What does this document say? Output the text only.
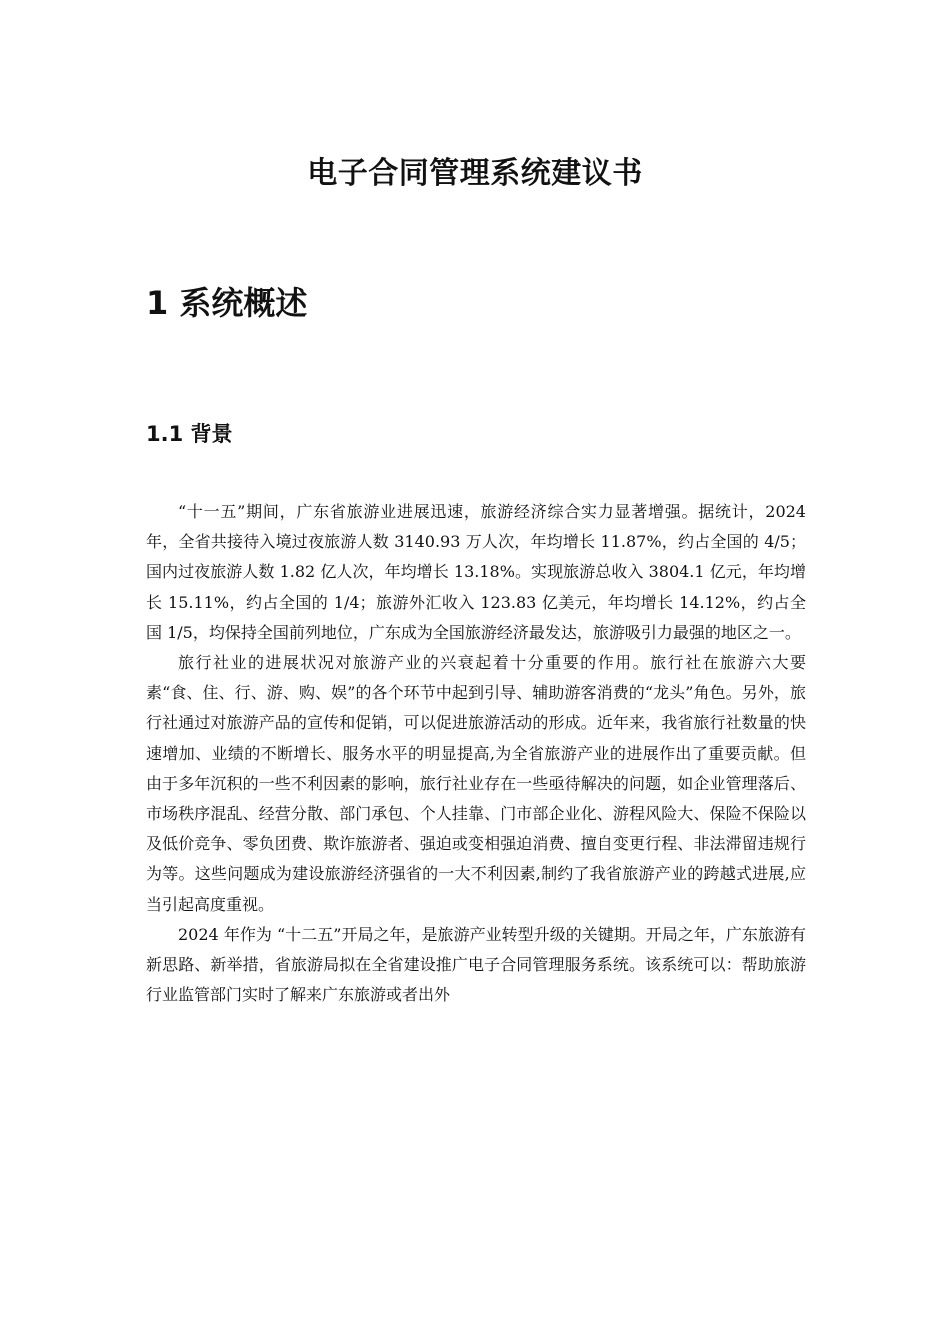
电子合同管理系统建议书
1 系统概述
1.1 背景

“十一五”期间，广东省旅游业进展迅速，旅游经济综合实力显著增强。据统计，2024 年，全省共接待入境过夜旅游人数 3140.93 万人次，年均增长 11.87%，约占全国的 4/5；国内过夜旅游人数 1.82 亿人次，年均增长 13.18%。实现旅游总收入 3804.1 亿元，年均增长 15.11%，约占全国的 1/4；旅游外汇收入 123.83 亿美元，年均增长 14.12%，约占全国 1/5，均保持全国前列地位，广东成为全国旅游经济最发达，旅游吸引力最强的地区之一。

旅行社业的进展状况对旅游产业的兴衰起着十分重要的作用。旅行社在旅游六大要素“食、住、行、游、购、娱”的各个环节中起到引导、辅助游客消费的“龙头”角色。另外，旅行社通过对旅游产品的宣传和促销，可以促进旅游活动的形成。近年来，我省旅行社数量的快速增加、业绩的不断增长、服务水平的明显提高,为全省旅游产业的进展作出了重要贡献。但由于多年沉积的一些不利因素的影响，旅行社业存在一些亟待解决的问题，如企业管理落后、市场秩序混乱、经营分散、部门承包、个人挂靠、门市部企业化、游程风险大、保险不保险以及低价竞争、零负团费、欺诈旅游者、强迫或变相强迫消费、擅自变更行程、非法滞留违规行为等。这些问题成为建设旅游经济强省的一大不利因素,制约了我省旅游产业的跨越式进展,应当引起高度重视。

2024 年作为 “十二五”开局之年，是旅游产业转型升级的关键期。开局之年，广东旅游有新思路、新举措，省旅游局拟在全省建设推广电子合同管理服务系统。该系统可以：帮助旅游行业监管部门实时了解来广东旅游或者出外
